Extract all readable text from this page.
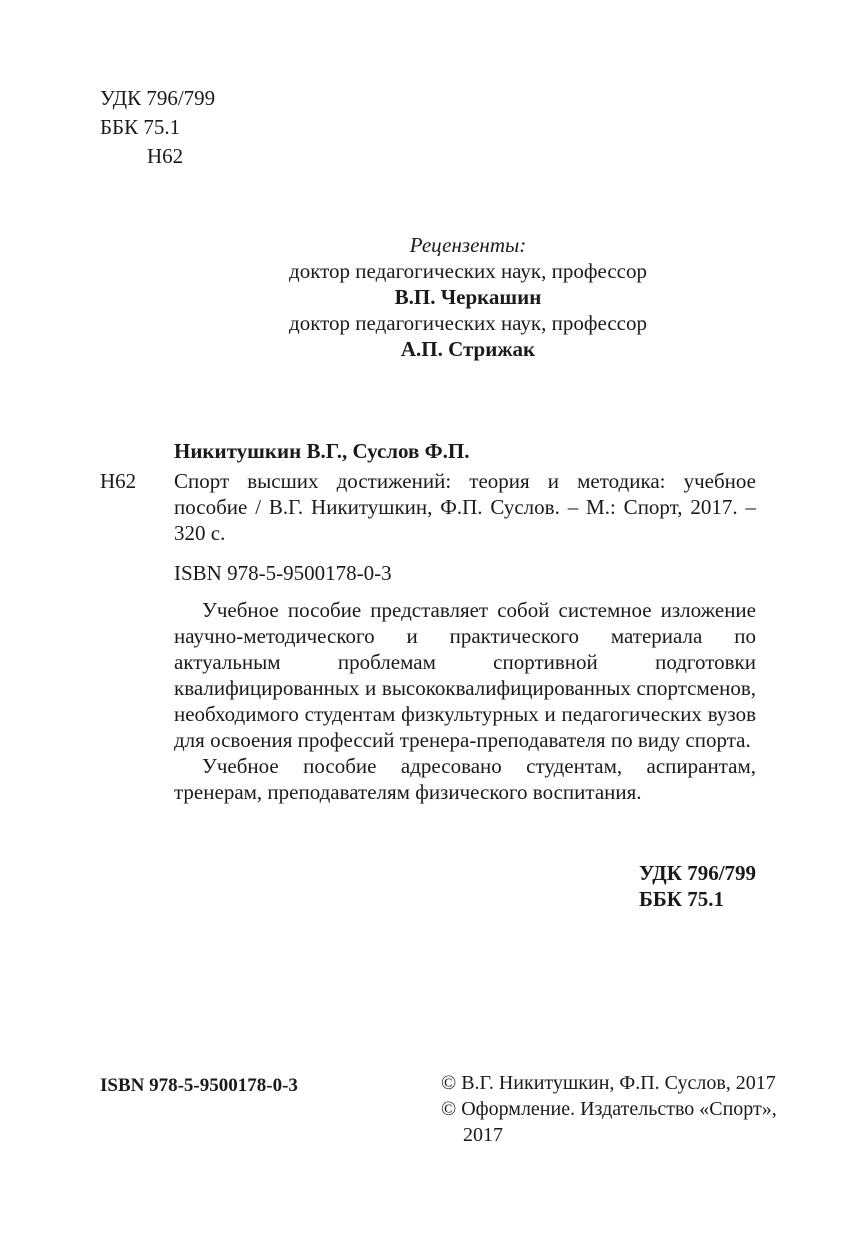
УДК 796/799
ББК 75.1
Н62
Рецензенты:
доктор педагогических наук, профессор
В.П. Черкашин
доктор педагогических наук, профессор
А.П. Стрижак
Никитушкин В.Г., Суслов Ф.П.
Н62 Спорт высших достижений: теория и методика: учебное пособие / В.Г. Никитушкин, Ф.П. Суслов. – М.: Спорт, 2017. – 320 с.
ISBN 978-5-9500178-0-3

Учебное пособие представляет собой системное изложение научно-методического и практического материала по актуальным проблемам спортивной подготовки квалифицированных и высококвалифицированных спортсменов, необходимого студентам физкультурных и педагогических вузов для освоения профессий тренера-преподавателя по виду спорта.

Учебное пособие адресовано студентам, аспирантам, тренерам, преподавателям физического воспитания.

УДК 796/799
ББК 75.1
ISBN 978-5-9500178-0-3	© В.Г. Никитушкин, Ф.П. Суслов, 2017
© Оформление. Издательство «Спорт»,
2017
